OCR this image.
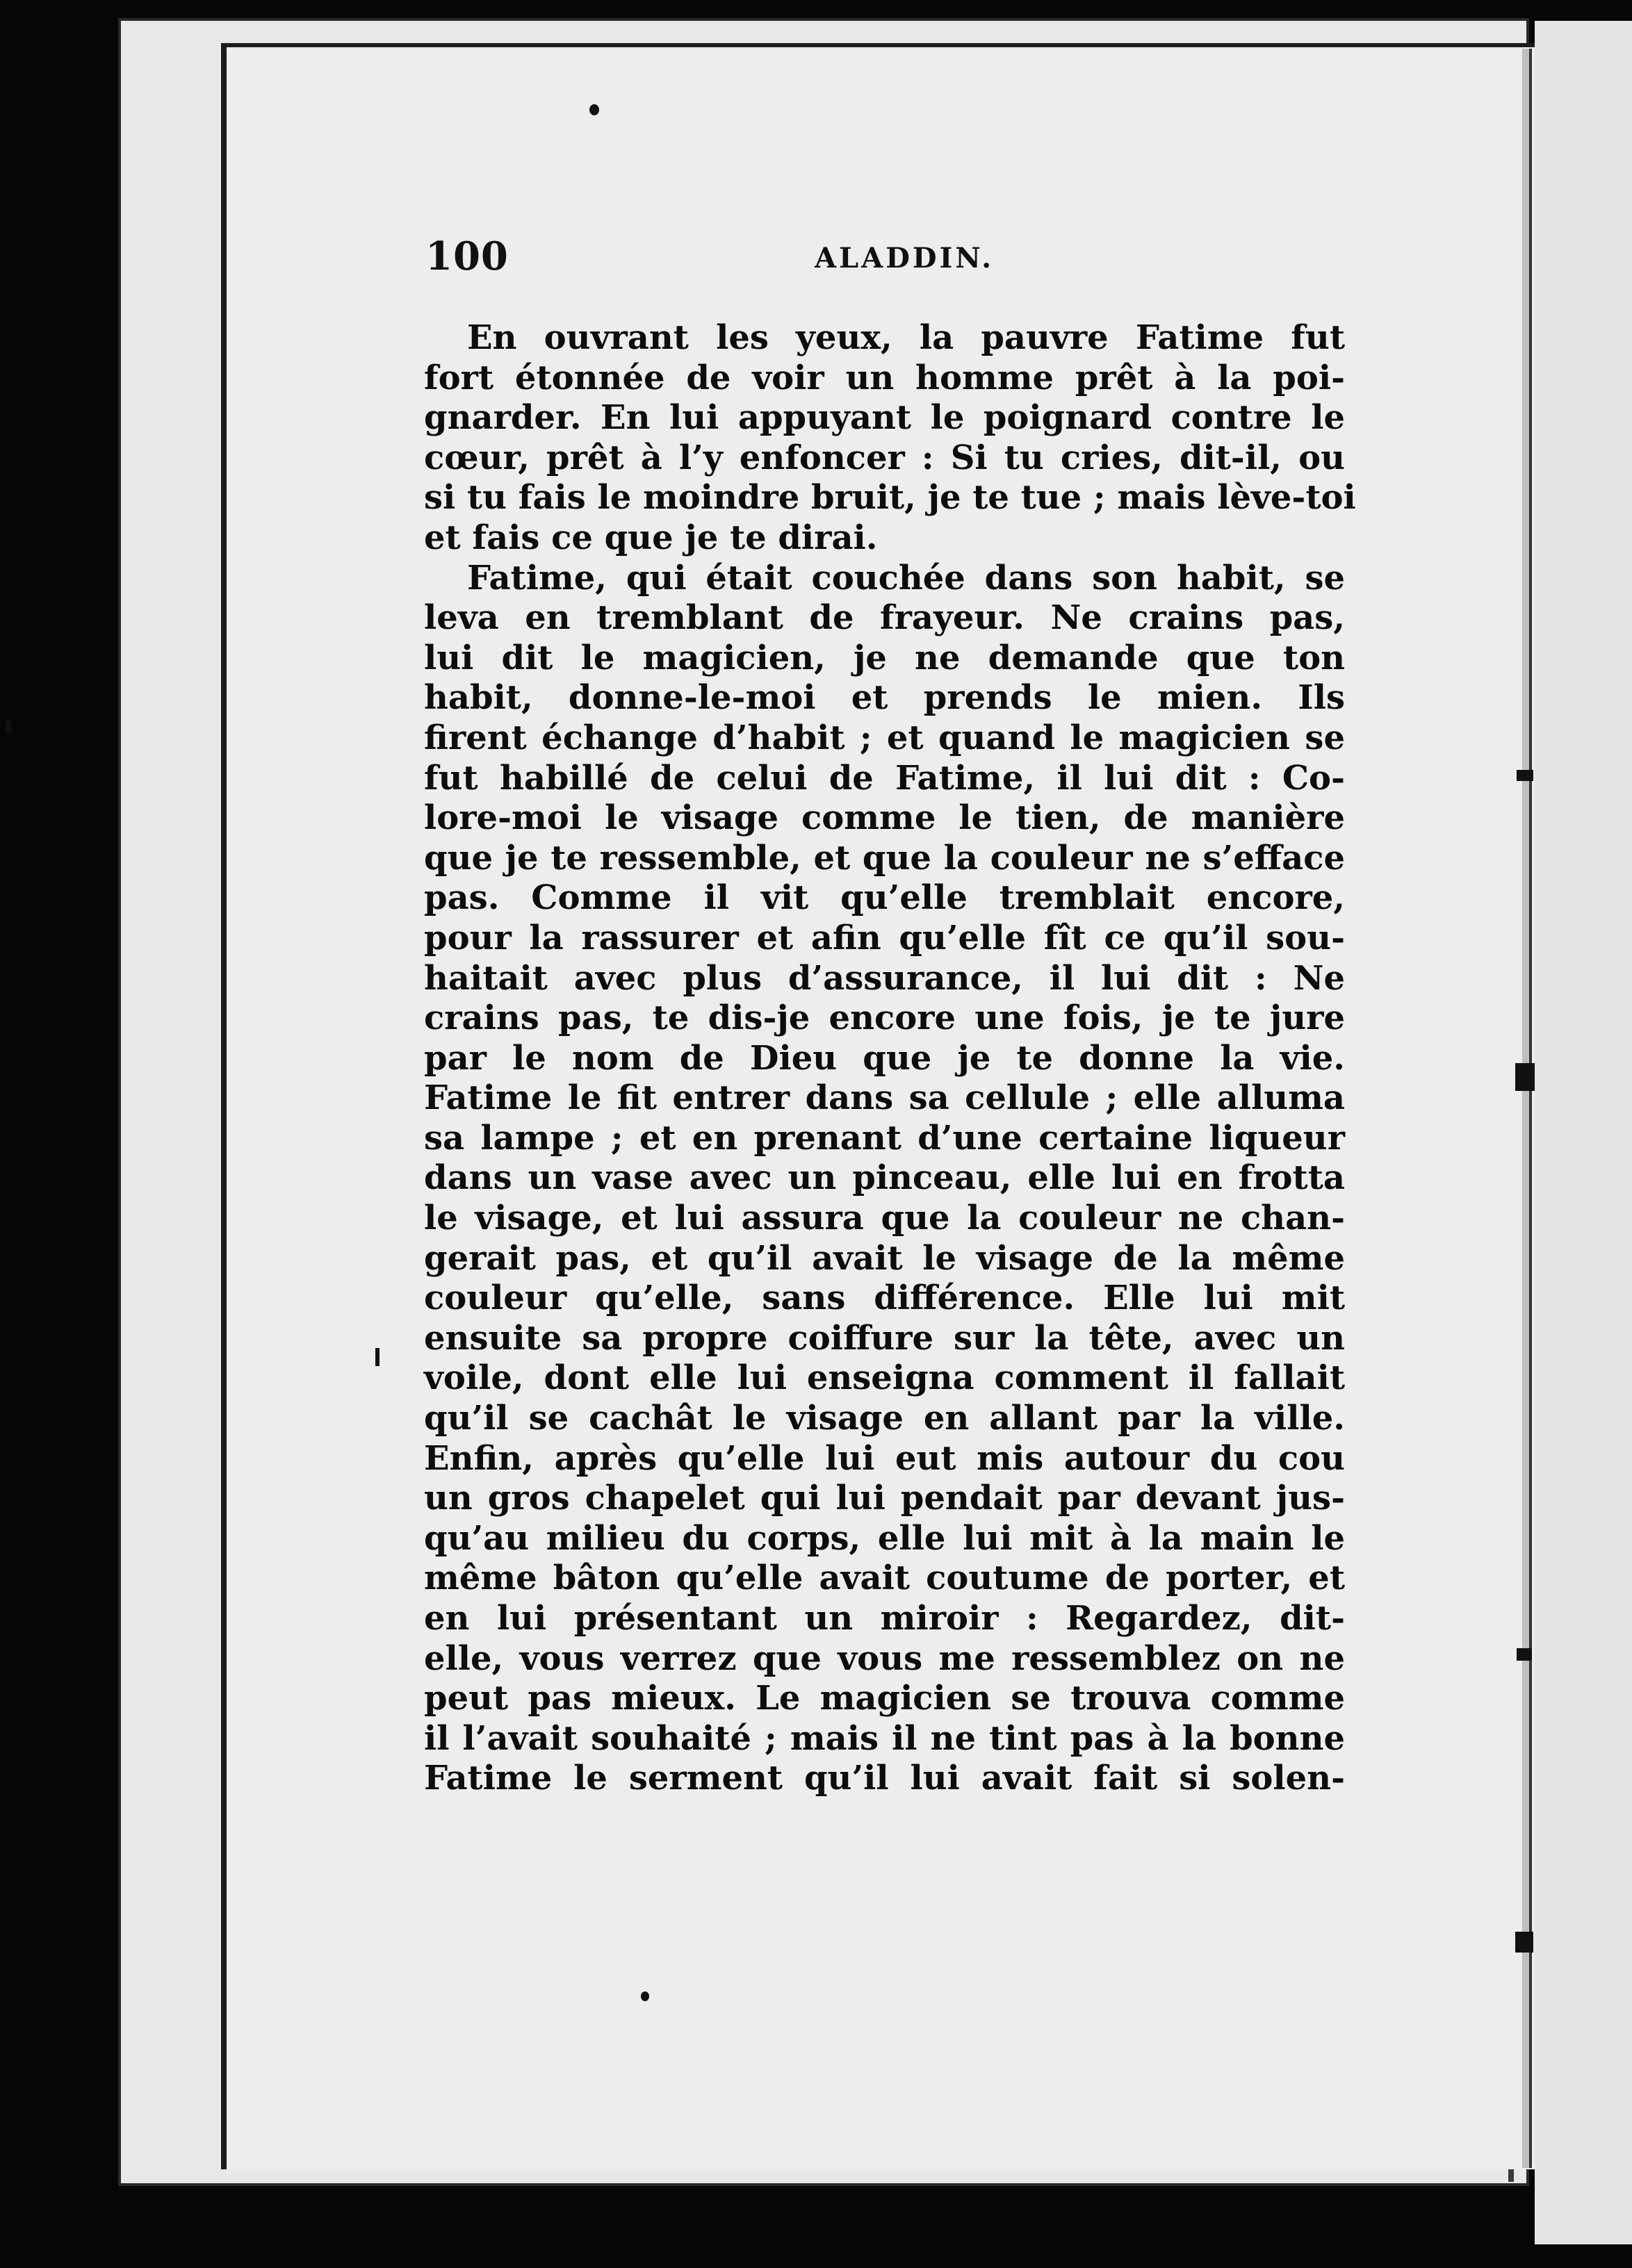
100	ALADDIN.
En ouvrant les yeux, la pauvre Fatime fut
fort étonnée de voir un homme prêt à la poi-
gnarder. En lui appuyant le poignard contre le
cœur, prêt à l’y enfoncer : Si tu cries, dit-il, ou
si tu fais le moindre bruit, je te tue ; mais lève-toi
et fais ce que je te dirai.
Fatime, qui était couchée dans son habit, se
leva en tremblant de frayeur. Ne crains pas,
lui dit le magicien, je ne demande que ton
habit, donne-le-moi et prends le mien. Ils
firent échange d’habit ; et quand le magicien se
fut habillé de celui de Fatime, il lui dit : Co-
lore-moi le visage comme le tien, de manière
que je te ressemble, et que la couleur ne s’efface
pas. Comme il vit qu’elle tremblait encore,
pour la rassurer et afin qu’elle fît ce qu’il sou-
haitait avec plus d’assurance, il lui dit : Ne
crains pas, te dis-je encore une fois, je te jure
par le nom de Dieu que je te donne la vie.
Fatime le fit entrer dans sa cellule ; elle alluma
sa lampe ; et en prenant d’une certaine liqueur
dans un vase avec un pinceau, elle lui en frotta
le visage, et lui assura que la couleur ne chan-
gerait pas, et qu’il avait le visage de la même
couleur qu’elle, sans différence. Elle lui mit
ensuite sa propre coiffure sur la tête, avec un
voile, dont elle lui enseigna comment il fallait
qu’il se cachât le visage en allant par la ville.
Enfin, après qu’elle lui eut mis autour du cou
un gros chapelet qui lui pendait par devant jus-
qu’au milieu du corps, elle lui mit à la main le
même bâton qu’elle avait coutume de porter, et
en lui présentant un miroir : Regardez, dit-
elle, vous verrez que vous me ressemblez on ne
peut pas mieux. Le magicien se trouva comme
il l’avait souhaité ; mais il ne tint pas à la bonne
Fatime le serment qu’il lui avait fait si solen-
